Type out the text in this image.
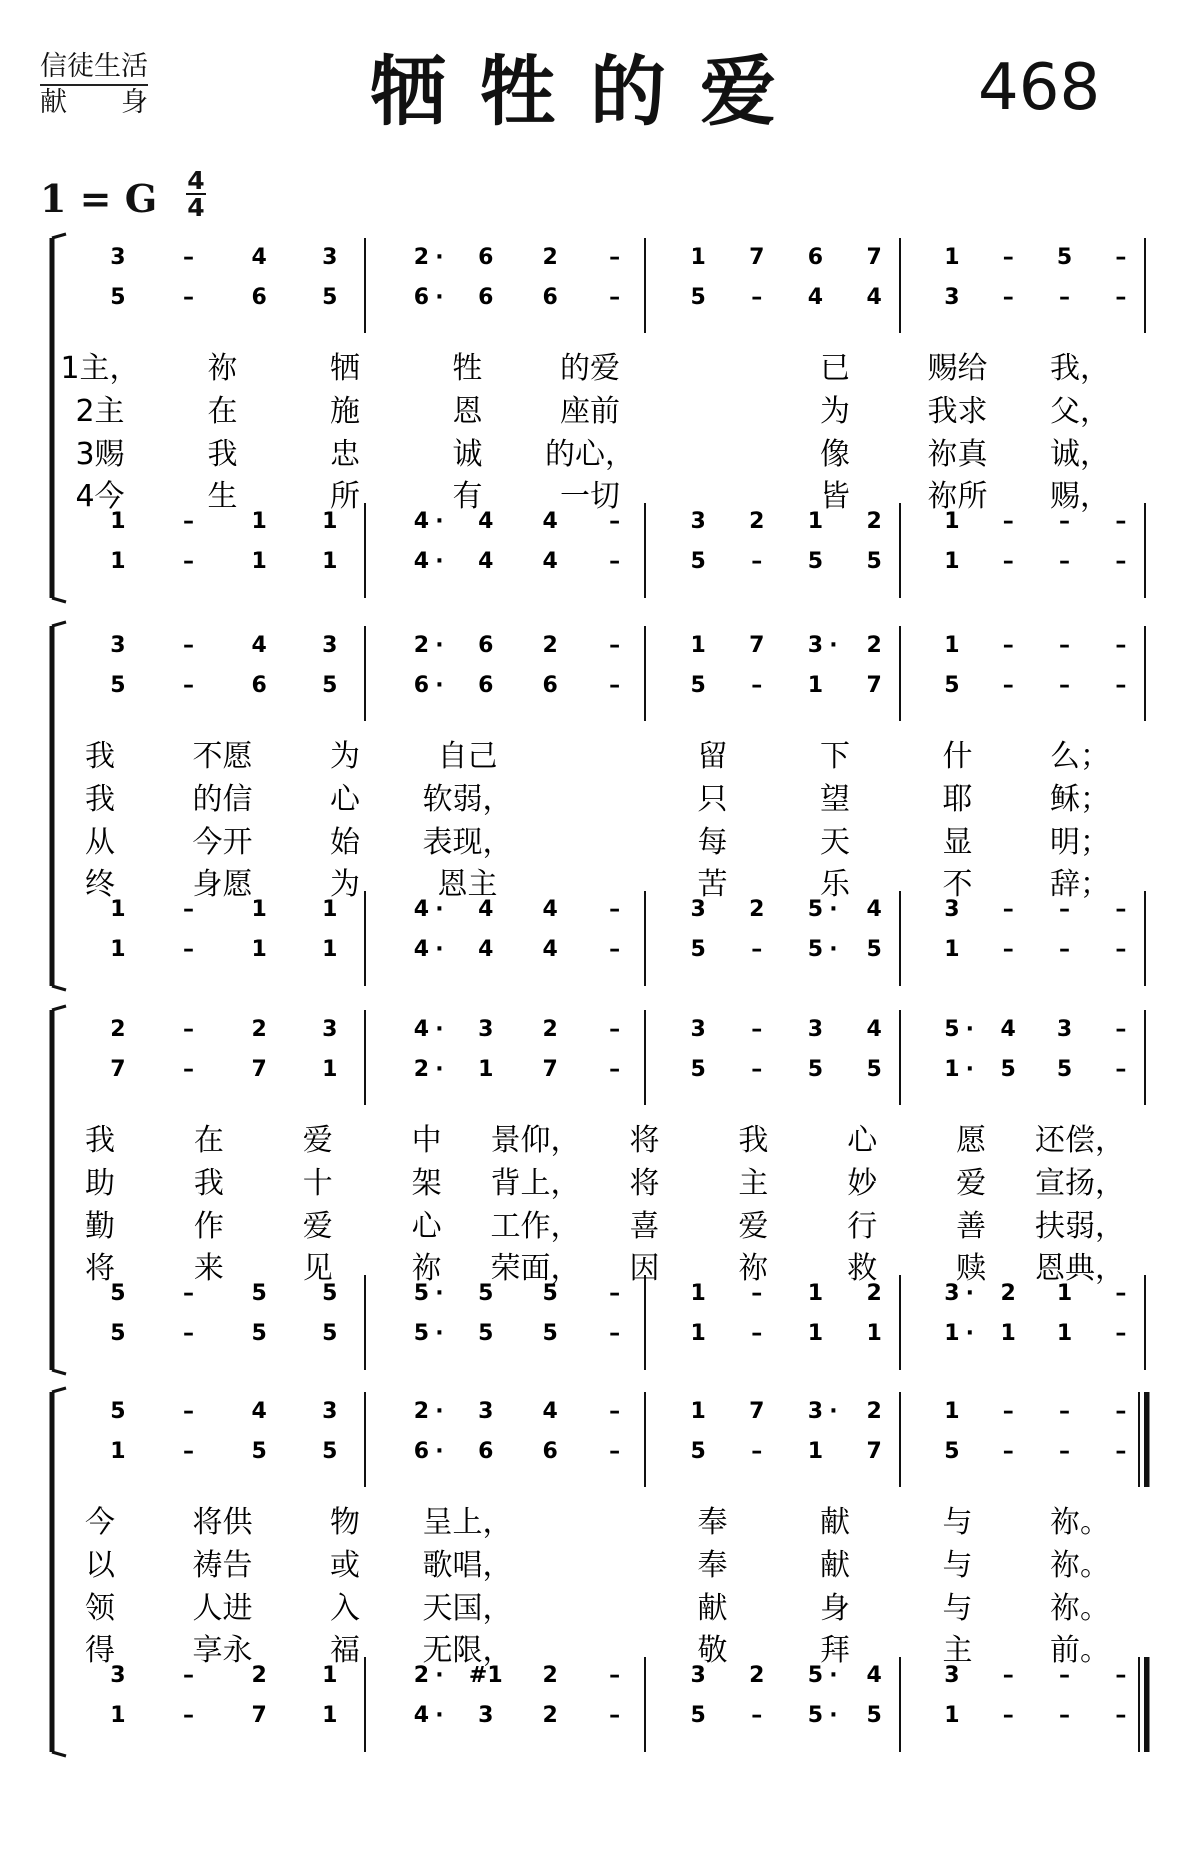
信徒生活
献　　身	牺牲的爱	468
1 = G 4
4
3	–	4	3	2 · 6 2 –	1 7 6 7	1 – 5 –
5	–	6	5	6 · 6 6 –	5 – 4 4	3 – – –
1	–	1	1	4 · 4 4 –	3 2 1 2	1 – – –
1	–	1	1	4 · 4 4 –	5 – 5 5	1 – – –
1主， 祢	牺	牲	的爱	已	赐给 我，
2主	在	施	恩	座前	为	我求 父，
3赐	我	忠	诚 的心，	像	祢真 诚，
4今	生	所	有	一切	皆	祢所 赐，
3	–	4	3	2 · 6 2 –	1 7 3 · 2	1 – – –
5	–	6	5	6 · 6 6 –	5 – 1 7	5 – – –
1	–	1	1	4 · 4 4 –	3 2 5 · 4	3 – – –
1	–	1	1	4 · 4 4 –	5 – 5 · 5	1 – – –
我	不愿	为	自己	留	下	什	么；
我	的信	心 软弱，	只	望	耶	稣；
从	今开	始 表现，	每	天	显	明；
终	身愿	为	恩主	苦	乐	不	辞；
2	–	2	3	4 · 3 2 –	3 – 3 4	5 · 4 3 –
7	–	7	1	2 · 1 7 –	5 – 5 5	1 · 5 5 –
5	–	5	5	5 · 5 5 –	1 – 1 2	3 · 2 1 –
5	–	5	5	5 · 5 5 –	1 – 1 1	1 · 1 1 –
我	在	爱	中 景仰， 将	我	心	愿 还偿，
助	我	十	架 背上， 将	主	妙	爱 宣扬，
勤	作	爱	心 工作， 喜	爱	行	善 扶弱，
将	来	见	祢 荣面， 因	祢	救	赎 恩典，
5	–	4	3	2 · 3 4 –	1 7 3 · 2	1 – – –
1	–	5	5	6 · 6 6 –	5 – 1 7	5 – – –
3	–	2	1	2 · #1 2 –	3 2 5 · 4	3 – – –
1	–	7	1	4 · 3 2 –	5 – 5 · 5	1 – – –
今	将供	物 呈上，	奉	献	与	祢。
以	祷告	或 歌唱，	奉	献	与	祢。
领	人进	入 天国，	献	身	与	祢。
得	享永	福 无限，	敬	拜	主	前。
